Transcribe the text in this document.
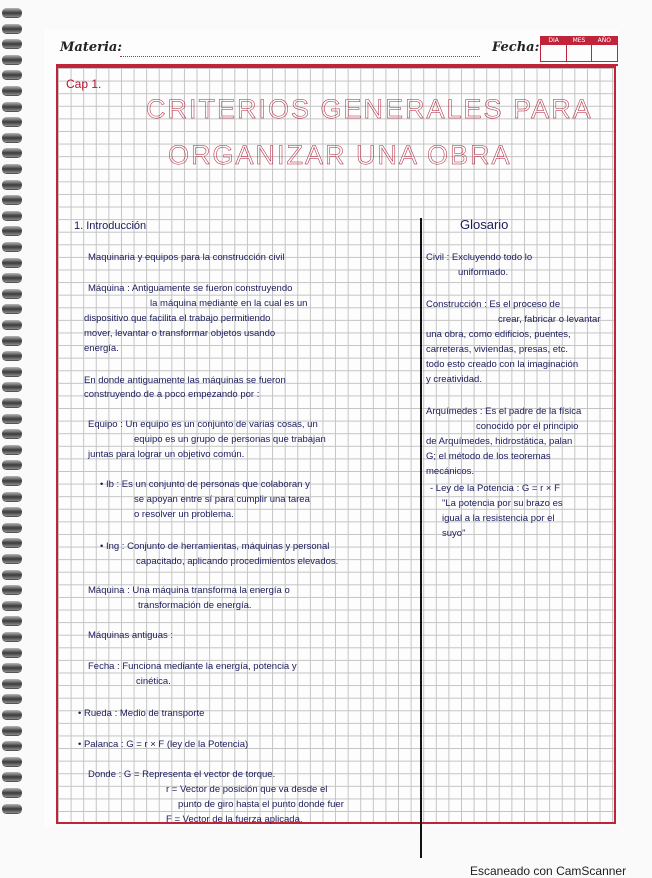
Materia:	Fecha:	DIA	MES	AÑO
Cap 1.
CRITERIOS GENERALES PARA
ORGANIZAR UNA OBRA
1. Introducción	Glosario
Maquinaria y equipos para la construcción civil
Máquina : Antiguamente se fueron construyendo
la máquina mediante en la cual es un
dispositivo que facilita el trabajo permitiendo
mover, levantar o transformar objetos usando
energía.
En donde antiguamente las máquinas se fueron
construyendo de a poco empezando por :
Equipo : Un equipo es un conjunto de varias cosas, un
equipo es un grupo de personas que trabajan
juntas para lograr un objetivo común.
• Ib : Es un conjunto de personas que colaboran y
se apoyan entre sí para cumplir una tarea
o resolver un problema.
• Ing : Conjunto de herramientas, máquinas y personal
capacitado, aplicando procedimientos elevados.
Máquina : Una máquina transforma la energía o
transformación de energía.
Máquinas antiguas :
Fecha : Funciona mediante la energía, potencia y
cinética.
• Rueda : Medio de transporte
• Palanca : G = r × F (ley de la Potencia)
Donde : G = Representa el vector de torque.
r = Vector de posición que va desde el
punto de giro hasta el punto donde fuer
F = Vector de la fuerza aplicada.
Civil : Excluyendo todo lo
uniformado.
Construcción : Es el proceso de
crear, fabricar o levantar
una obra, como edificios, puentes,
carreteras, viviendas, presas, etc.
todo esto creado con la imaginación
y creatividad.
Arquímedes : Es el padre de la física
conocido por el principio
de Arquímedes, hidrostática, palan
G; el método de los teoremas
mecánicos.
- Ley de la Potencia : G = r × F
"La potencia por su brazo es
igual a la resistencia por el
suyo"
Escaneado con CamScanner
